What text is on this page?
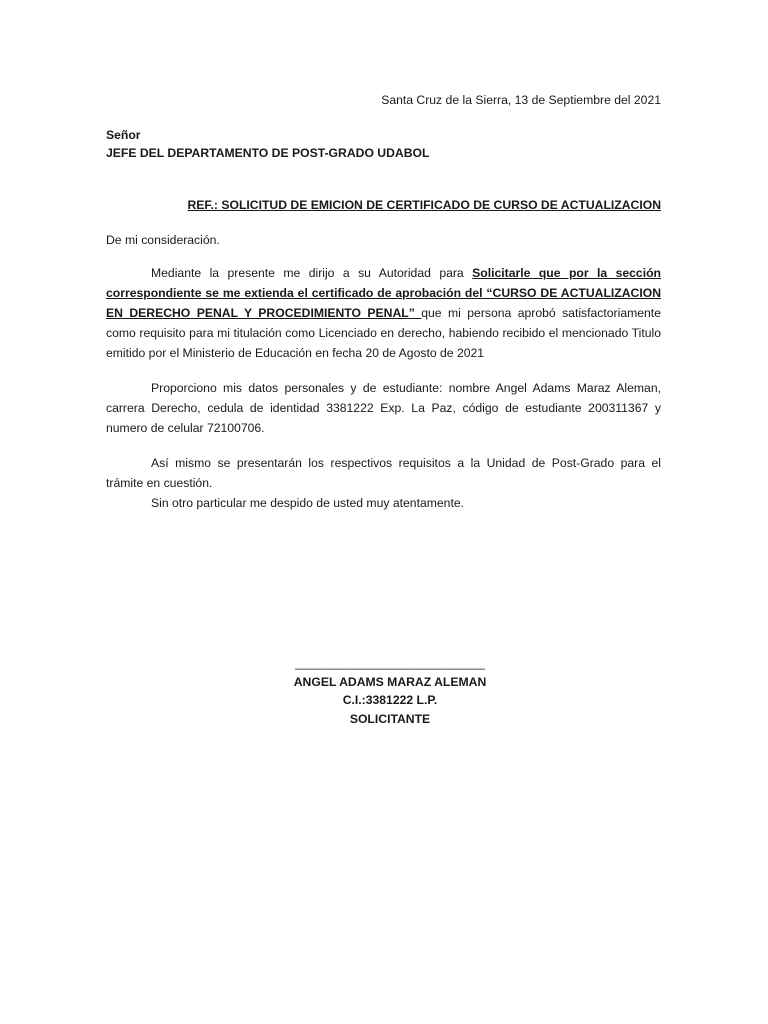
Santa Cruz de la Sierra, 13 de Septiembre del 2021
Señor
JEFE DEL DEPARTAMENTO DE POST-GRADO UDABOL
REF.: SOLICITUD DE EMICION DE CERTIFICADO DE CURSO DE ACTUALIZACION
De mi consideración.

Mediante la presente me dirijo a su Autoridad para Solicitarle que por la sección correspondiente se me extienda el certificado de aprobación del “CURSO DE ACTUALIZACION EN DERECHO PENAL Y PROCEDIMIENTO PENAL” que mi persona aprobó satisfactoriamente como requisito para mi titulación como Licenciado en derecho, habiendo recibido el mencionado Titulo emitido por el Ministerio de Educación en fecha 20 de Agosto de 2021

Proporciono mis datos personales y de estudiante: nombre Angel Adams Maraz Aleman, carrera Derecho, cedula de identidad 3381222 Exp. La Paz, código de estudiante 200311367 y numero de celular 72100706.

Así mismo se presentarán los respectivos requisitos a la Unidad de Post-Grado para el trámite en cuestión.

Sin otro particular me despido de usted muy atentamente.

____________________________
ANGEL ADAMS MARAZ ALEMAN
C.I.:3381222 L.P.
SOLICITANTE
